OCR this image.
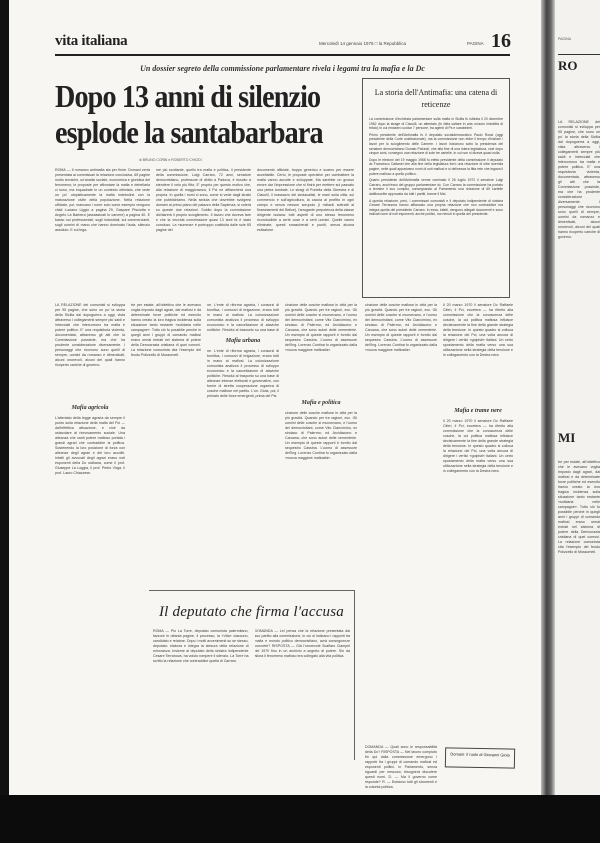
vita italiana	Mercoledì 14 gennaio 1976 □ la Repubblica	PAGINA 16
Un dossier segreto della commissione parlamentare rivela i legami tra la mafia e la Dc
Dopo 13 anni di silenzio esplode la santabarbara
di BRUNO CORBI e ROBERTO CHIODI
ROMA — Il romanzo antimafia sta per finire. Domani verrà presentata ai commissari la relazione conclusiva, 65 pagine molto tecniche, un'analisi sociale, economica e giuridica del fenomeno; le proposte per affrontare la mafia e debellarla ci sono, ma inquadrate in un contesto ottimista, che vede un po' utopisticamente la mafia indebolirsi con la maturazione civile della popolazione. Nella relazione ufficiale, poi, mancano i nomi: solo come esempio vengono citati Luciano Liggio a pagina 29, Gaspare Pisciotta e Angelo La Barbera (assassinati in carcere) a pagina 40. E basta: sui professionisti, sugli industriali, sui commercianti, sugli uomini di mano che hanno dominato l'isola, silenzio assoluto. E sul lega-
me più scottante, quello tra mafia e politica, il presidente della commissione, Luigi Carraro, 72 anni, senatore democristiano, professore di diritto a Padova, è riuscito a stendere il velo più fitto. E' proprio per questo motivo che, alla relazione di maggioranza, il Pci ne affiancherà una propria. In quella i nomi ci sono, come si vede dagli stralci che pubblichiamo. Nella seduta che dovrebbe svolgersi domani al primo piano del palazzo della Sapienza, si voterà su queste due relazioni. Subito dopo la commissione dichiarerà il proprio scioglimento. Il lavoro che doveva fare e che la vecchia commissione quasi 13 anni fa è stato concluso. La «summa» è purtroppo costituita dalle sole 65 pagine del
documento ufficiale, troppo generico e scarno per essere accettabile. Certo, le proposte operative per combattere la mafia vanno accolte e sviluppate. Ma sarebbe un grosso errore dar l'impressione che si finirà per mettere sul passato una pietra tombale. Le stragi di Portella della Ginestra e di Ciaculli, il massacro dei sindacalisti, le mani sulla città, sul commercio e sull'agricoltura, la caccia al profitto in ogni campo e senza nessun scrupolo (i miliardi sottratti ai finanziamenti del Belice), l'arrogante prepotenza della classe dirigente isolana: tutti aspetti di uno stesso fenomeno riconducibile a certe cose e a certi uomini. Quelle vanno eliminate, questi smascherati e puniti, senza alcuna esitazione.
La storia dell'Antimafia: una catena di reticenze
La commissione d'inchiesta parlamentare sulla mafia in Sicilia fu istituita il 20 dicembre 1962 dopo la strage di Ciaculli, un attentato (fu fatta saltare in aria un'auto imbottita di tritolo) in cui rimasero uccise 7 persone, tra agenti di Ps e carabinieri.
Primo presidente dell'Antimafia fu il deputato socialdemocratico Paolo Rossi (oggi presidente della Corte costituzionale), ma la commissione non ebbe il tempo d'iniziare i lavori per lo scioglimento delle Camere. I lavori iniziarono sotto la presidenza del senatore democristiano Donato Pafundi, che alla fine di una intera legislatura, cioè dopo cinque anni, consegnò una relazione di sole tre cartelle, in cui non si diceva quasi nulla.
Dopo le elezioni del 19 maggio 1968 fu eletto presidente della commissione il deputato dc Francesco Cattanei che alla fine della legislatura fornì una relazione di oltre duemila pagine, nelle quali apparivano nomi di noti mafiosi e si delineava la fitta rete che legava il potere mafioso a quello politico.
Quarto presidente dell'Antimafia venne nominato il 26 luglio 1972 il senatore Luigi Carraro, anch'esso del gruppo parlamentare dc. Con Carraro la commissione ha portato a termine il suo compito, consegnando al Parlamento una relazione di 65 cartelle dattiloscritte approvata da tutti i partiti, tranne il Msi.
A questa relazione, però, i commissari comunisti e il deputato indipendente di sinistra Cesare Terranova hanno affiancato una propria relazione che non contraddice ma integra quella del presidente Carraro. In essa, infatti, vengono allegati documenti e sono indicati nomi di noti esponenti, anche politici, non tenuti in quella del presidente.
LA RELAZIONE dei comunisti si sviluppa per 95 pagine, che sono un po' la storia della Sicilia dal dopoguerra a oggi, vista attraverso i collegamenti sempre più saldi e intrecciati che intercorrono tra mafia e potere politico. E' una requisitoria violenta, documentata, attraverso gli atti che la Commissione possiede, ma che ha prudente considerazione diversamente. I personaggi che ricorrono sono quelli di sempre, uomini da romanzo e dimenticati, alcuni onorevoli, alcuni del quali hanno ricoperto cariche di governo.
Mafia agricola
L'attentato della legge agraria da sempre il punto sulla relazione della mafia del Pci — dall'effettiva attuazione, e cioè da ostacolare al rinnovamento sociale. Una alleanza che vanti potere mafioso portata i grandi agrari che contraddire la politica. Sostenendo la loro posizione di forza con alleanze degli agrari e dei loro accoliti. Infatti gli avvocati degli agrari erano noti esponenti della Dc siciliana, come il prof. Giuseppe La Loggia, il prof. Pietro Virga, il prof. Lauro Chiazzese.
tre per estate, all'obiettivo che le avevano voglia imposto dagli agrari, dai mafiosi e da determinate forze politiche ed esercito hanno creato la loro tragica incidenza sulla situazione tanto restante «solidaria nelle campagne». Tutto ciò fu possibile perché in quegli anni i gruppi di comando mafiosi erano ormai entrati nel sistema di potere della Democrazia cristiana di quei comuni. La relazione comunista cita l'esempio del feudo Polizzello di Mussomeli.
ne. L'ente di riforma agraria, i consorzi di bonifica, i consorzi di irrigazione, erano tutti in mano ai mafiosi. La colonizzazione comunista analizza il processo di sviluppo economico e la cancellazione di ataviche politiche. Residui al trasporto su una base di
Mafia urbana
ne. L'ente di riforma agraria, i consorzi di bonifica, i consorzi di irrigazione, erano tutti in mano ai mafiosi. La colonizzazione comunista analizza il processo di sviluppo economico e la cancellazione di ataviche politiche. Residui al trasporto su una base di alleanze intense elettorali e governative, con forme di stretta cooperazione organica di cosche mafiose nel partito. L'on. Gioia, poi, il primato delle forze emergenti, prima del Psi.
cinzione delle cosche mafiose in città per la più gravità. Quando per tre ragioni, ecc. Gli uomini delle cosche si muovevano, e l'uomo dei democristiani, come Vito Ciancimino, ex sindaco di Palermo; ed Arcidiacono e Caruana, che sono autori delle cementerie. Un esempio di queste rapporti è fornito dal sequestro Cassina. L'uomo di assessore dell'Ing. Lorenzo Contina fu organizzato dalla «nuova maggiore mafiosità».
Mafia e politica
cinzione delle cosche mafiose in città per la più gravità. Quando per tre ragioni, ecc. Gli uomini delle cosche si muovevano, e l'uomo dei democristiani, come Vito Ciancimino, ex sindaco di Palermo; ed Arcidiacono e Caruana, che sono autori delle cementerie. Un esempio di queste rapporti è fornito dal sequestro Cassina. L'uomo di assessore dell'Ing. Lorenzo Contina fu organizzato dalla «nuova maggiore mafiosità».
cinzione delle cosche mafiose in città per la più gravità. Quando per tre ragioni, ecc. Gli uomini delle cosche si muovevano, e l'uomo dei democristiani, come Vito Ciancimino, ex sindaco di Palermo; ed Arcidiacono e Caruana, che sono autori delle cementerie. Un esempio di queste rapporti è fornito dal sequestro Cassina. L'uomo di assessore dell'Ing. Lorenzo Contina fu organizzato dalla «nuova maggiore mafiosità».
Il 20 marzo 1970 il senatore Dc Raffaele Ciferi, il Pci, eccetera — ha riferito alla commissione che la conoscenza delle cosche, la cui politica mafiosa influisce decisivamente la fine della grande strategia della tensione. In questo quadro si colloca la relazione del Pci, una volta ancora di dirigere i vertici «golpisti» italiani. Un certo spostamento della mafia verso una sua utilizzazione nella strategia della tensione e in collegamento con la Destra nera.
Mafia e trame nere
Il 20 marzo 1970 il senatore Dc Raffaele Ciferi, il Pci, eccetera — ha riferito alla commissione che la conoscenza delle cosche, la cui politica mafiosa influisce decisivamente la fine della grande strategia della tensione. In questo quadro si colloca la relazione del Pci, una volta ancora di dirigere i vertici «golpisti» italiani. Un certo spostamento della mafia verso una sua utilizzazione nella strategia della tensione e in collegamento con la Destra nera.
Il deputato che firma l'accusa
ROMA — Pio La Torre, deputato comunista palermitano, fazzoni in ottanta pagine, il processo, la «Vita» ciascuno, candidato e relatore. Dopo i molti avvenimenti su se stesso, deputato: elabora e integra la stesura della relazione di minoranza. Insieme al deputato della sinistra indipendente Cesare Terranova, ha voluto rompere il silenzio. La Torre ha scritto la relazione che contraddice quella di Carraro.
DOMANDA — Lei pensa che la relazione presentata dal suo partito alla commissione, in cui si indicano i rapporti tra mafia e mondo politico democristiano, avrà conseguenze concrete? RISPOSTA — Già l'onorevole Scalfaro Ciampiri del 1970 fino in un archivio a segreto di potere. Sin da allora il fenomeno mafioso era collegato alla vita politica.
DOMANDA — Quali sono le responsabilità della Dc? RISPOSTA — Nel lavoro compiuto fin qui dalla commissione emergono i rapporti fra i gruppi di comando mafiosi ed esponenti politici. In Parlamento, senza riguardi per nessuno, bisognerà discutere questi nomi. D. — Ma il governo come risponde? R. — Esistono tutti gli strumenti e la volontà politica.
Domani: il ruolo di Giovanni Gioia
PAGINA
RO
MI
LA RELAZIONE dei comunisti si sviluppa per 95 pagine, che sono un po' la storia della Sicilia dal dopoguerra a oggi, vista attraverso i collegamenti sempre più saldi e intrecciati che intercorrono tra mafia e potere politico. E' una requisitoria violenta, documentata, attraverso gli atti che la Commissione possiede, ma che ha prudente considerazione diversamente. I personaggi che ricorrono sono quelli di sempre, uomini da romanzo e dimenticati, alcuni onorevoli, alcuni del quali hanno ricoperto cariche di governo.
tre per estate, all'obiettivo che le avevano voglia imposto dagli agrari, dai mafiosi e da determinate forze politiche ed esercito hanno creato la loro tragica incidenza sulla situazione tanto restante «solidaria nelle campagne». Tutto ciò fu possibile perché in quegli anni i gruppi di comando mafiosi erano ormai entrati nel sistema di potere della Democrazia cristiana di quei comuni. La relazione comunista cita l'esempio del feudo Polizzello di Mussomeli.
